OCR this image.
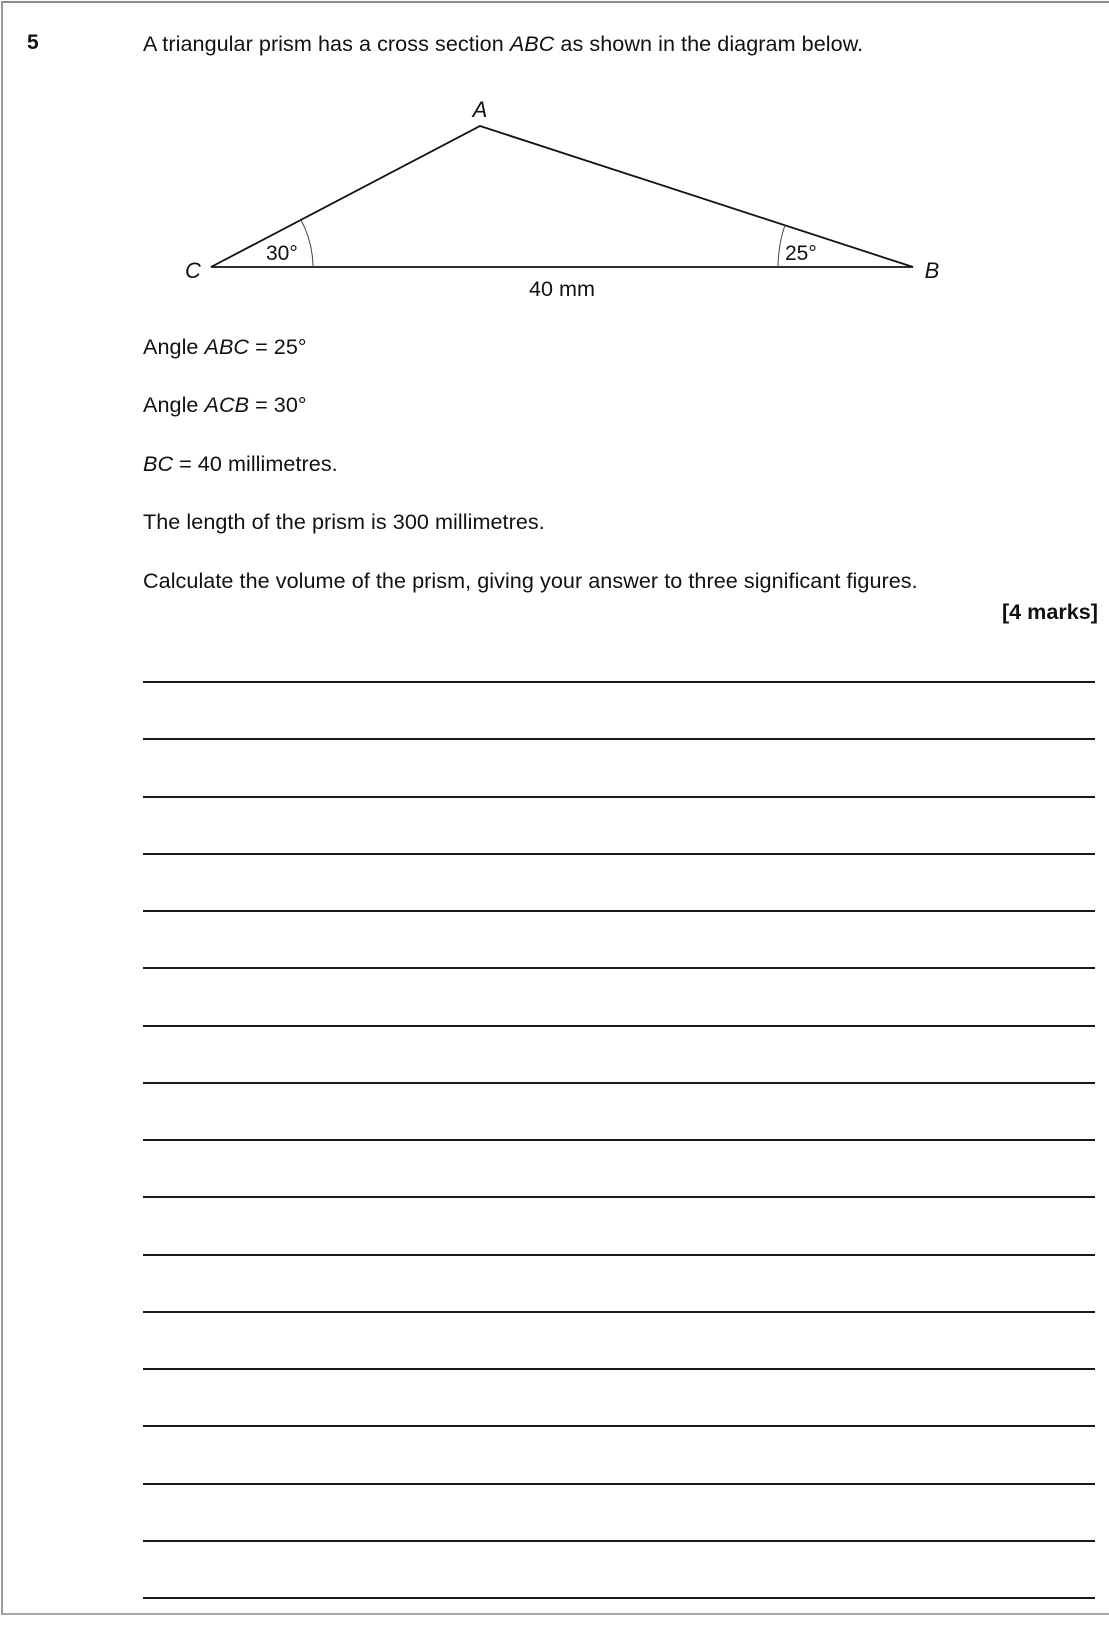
5	A triangular prism has a cross section ABC as shown in the diagram below.
A
C	B
30°	25°
40 mm
Angle ABC = 25°
Angle ACB = 30°
BC = 40 millimetres.
The length of the prism is 300 millimetres.
Calculate the volume of the prism, giving your answer to three significant figures.
[4 marks]
